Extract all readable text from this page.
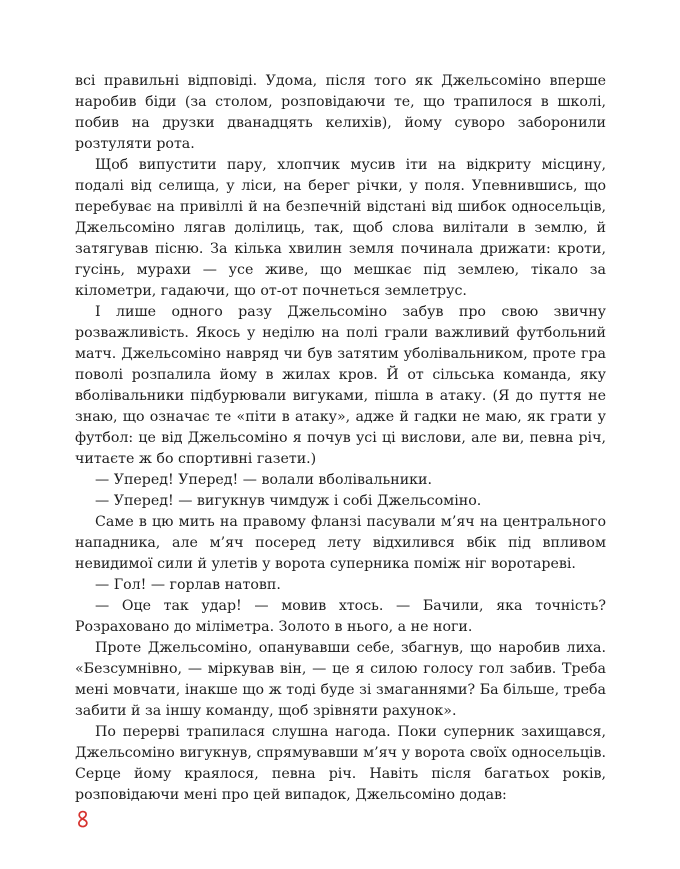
всі правильні відповіді. Удома, після того як Джельсоміно вперше наробив біди (за столом, розповідаючи те, що трапилося в школі, побив на друзки дванадцять келихів), йому суворо заборонили розтуляти рота.

Щоб випустити пару, хлопчик мусив іти на відкриту місцину, подалі від селища, у ліси, на берег річки, у поля. Упевнившись, що перебуває на привіллі й на безпечній відстані від шибок односельців, Джельсоміно лягав долілиць, так, щоб слова вилітали в землю, й затягував пісню. За кілька хвилин земля починала дрижати: кроти, гусінь, мурахи — усе живе, що мешкає під землею, тікало за кілометри, гадаючи, що от-от почнеться землетрус.

І лише одного разу Джельсоміно забув про свою звичну розважливість. Якось у неділю на полі грали важливий футбольний матч. Джельсоміно навряд чи був затятим уболівальником, проте гра поволі розпалила йому в жилах кров. Й от сільська команда, яку вболівальники підбурювали вигуками, пішла в атаку. (Я до пуття не знаю, що означає те «піти в атаку», адже й гадки не маю, як грати у футбол: це від Джельсоміно я почув усі ці вислови, але ви, певна річ, читаєте ж бо спортивні газети.)

— Уперед! Уперед! — волали вболівальники.

— Уперед! — вигукнув чимдуж і собі Джельсоміно.

Саме в цю мить на правому фланзі пасували м’яч на центрального нападника, але м’яч посеред лету відхилився вбік під впливом невидимої сили й улетів у ворота суперника поміж ніг воротареві.

— Гол! — горлав натовп.

— Оце так удар! — мовив хтось. — Бачили, яка точність? Розраховано до міліметра. Золото в нього, а не ноги.

Проте Джельсоміно, опанувавши себе, збагнув, що наробив лиха. «Безсумнівно, — міркував він, — це я силою голосу гол забив. Треба мені мовчати, інакше що ж тоді буде зі змаганнями? Ба більше, треба забити й за іншу команду, щоб зрівняти рахунок».

По перерві трапилася слушна нагода. Поки суперник захищався, Джельсоміно вигукнув, спрямувавши м’яч у ворота своїх односельців. Серце йому краялося, певна річ. Навіть після багатьох років, розповідаючи мені про цей випадок, Джельсоміно додав:
